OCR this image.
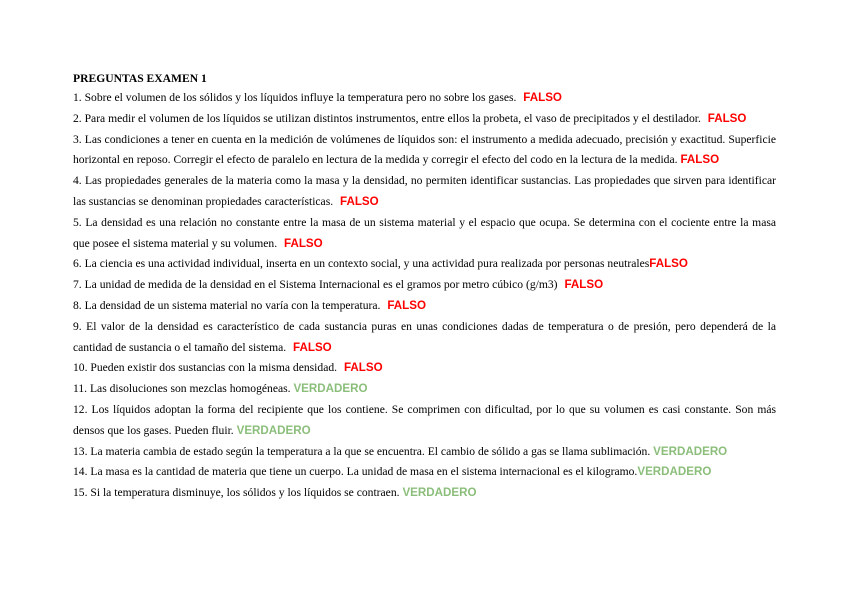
PREGUNTAS EXAMEN 1

1. Sobre el volumen de los sólidos y los líquidos influye la temperatura pero no sobre los gases. FALSO

2. Para medir el volumen de los líquidos se utilizan distintos instrumentos, entre ellos la probeta, el vaso de precipitados y el destilador. FALSO

3. Las condiciones a tener en cuenta en la medición de volúmenes de líquidos son: el instrumento a medida adecuado, precisión y exactitud. Superficie horizontal en reposo. Corregir el efecto de paralelo en lectura de la medida y corregir el efecto del codo en la lectura de la medida. FALSO

4. Las propiedades generales de la materia como la masa y la densidad, no permiten identificar sustancias. Las propiedades que sirven para identificar las sustancias se denominan propiedades características. FALSO

5. La densidad es una relación no constante entre la masa de un sistema material y el espacio que ocupa. Se determina con el cociente entre la masa que posee el sistema material y su volumen. FALSO

6. La ciencia es una actividad individual, inserta en un contexto social, y una actividad pura realizada por personas neutralesFALSO

7. La unidad de medida de la densidad en el Sistema Internacional es el gramos por metro cúbico (g/m3) FALSO

8. La densidad de un sistema material no varía con la temperatura. FALSO

9. El valor de la densidad es característico de cada sustancia puras en unas condiciones dadas de temperatura o de presión, pero dependerá de la cantidad de sustancia o el tamaño del sistema. FALSO

10. Pueden existir dos sustancias con la misma densidad. FALSO

11. Las disoluciones son mezclas homogéneas. VERDADERO

12. Los líquidos adoptan la forma del recipiente que los contiene. Se comprimen con dificultad, por lo que su volumen es casi constante. Son más densos que los gases. Pueden fluir. VERDADERO

13. La materia cambia de estado según la temperatura a la que se encuentra. El cambio de sólido a gas se llama sublimación. VERDADERO

14. La masa es la cantidad de materia que tiene un cuerpo. La unidad de masa en el sistema internacional es el kilogramo.VERDADERO

15. Si la temperatura disminuye, los sólidos y los líquidos se contraen. VERDADERO
